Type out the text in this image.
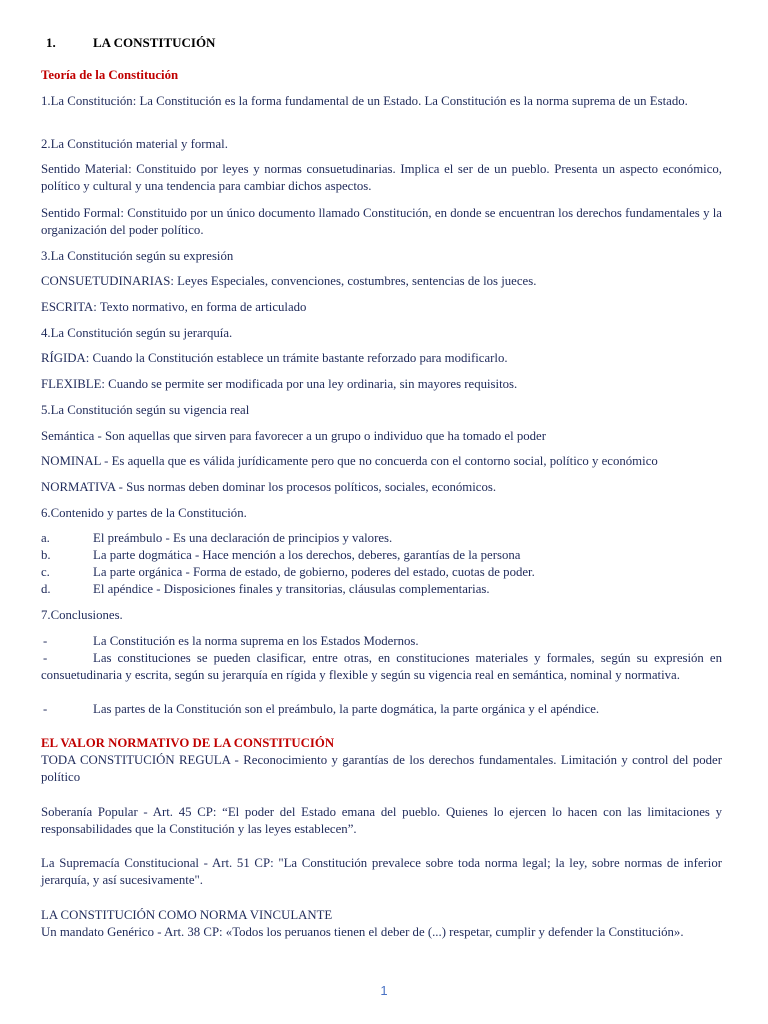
1.	LA CONSTITUCIÓN

Teoría de la Constitución

1.La Constitución: La Constitución es la forma fundamental de un Estado. La Constitución es la norma suprema de un Estado.

2.La Constitución material y formal.

Sentido Material: Constituido por leyes y normas consuetudinarias. Implica el ser de un pueblo. Presenta un aspecto económico, político y cultural y una tendencia para cambiar dichos aspectos.

Sentido Formal: Constituido por un único documento llamado Constitución, en donde se encuentran los derechos fundamentales y la organización del poder político.

3.La Constitución según su expresión

CONSUETUDINARIAS: Leyes Especiales, convenciones, costumbres, sentencias de los jueces.

ESCRITA: Texto normativo, en forma de articulado

4.La Constitución según su jerarquía.

RÍGIDA: Cuando la Constitución establece un trámite bastante reforzado para modificarlo.

FLEXIBLE: Cuando se permite ser modificada por una ley ordinaria, sin mayores requisitos.

5.La Constitución según su vigencia real

Semántica - Son aquellas que sirven para favorecer a un grupo o individuo que ha tomado el poder

NOMINAL - Es aquella que es válida jurídicamente pero que no concuerda con el contorno social, político y económico

NORMATIVA - Sus normas deben dominar los procesos políticos, sociales, económicos.

6.Contenido y partes de la Constitución.

a.	El preámbulo - Es una declaración de principios y valores.
b.	La parte dogmática - Hace mención a los derechos, deberes, garantías de la persona
c.	La parte orgánica - Forma de estado, de gobierno, poderes del estado, cuotas de poder.
d.	El apéndice - Disposiciones finales y transitorias, cláusulas complementarias.

7.Conclusiones.

-	La Constitución es la norma suprema en los Estados Modernos.
-	Las constituciones se pueden clasificar, entre otras, en constituciones materiales y formales, según su expresión en consuetudinaria y escrita, según su jerarquía en rígida y flexible y según su vigencia real en semántica, nominal y normativa.
-	Las partes de la Constitución son el preámbulo, la parte dogmática, la parte orgánica y el apéndice.

EL VALOR NORMATIVO DE LA CONSTITUCIÓN

TODA CONSTITUCIÓN REGULA - Reconocimiento y garantías de los derechos fundamentales. Limitación y control del poder político

Soberanía Popular - Art. 45 CP: “El poder del Estado emana del pueblo. Quienes lo ejercen lo hacen con las limitaciones y responsabilidades que la Constitución y las leyes establecen”.

La Supremacía Constitucional - Art. 51 CP: "La Constitución prevalece sobre toda norma legal; la ley, sobre normas de inferior jerarquía, y así sucesivamente".

LA CONSTITUCIÓN COMO NORMA VINCULANTE

Un mandato Genérico - Art. 38 CP: «Todos los peruanos tienen el deber de (...) respetar, cumplir y defender la Constitución».

1
